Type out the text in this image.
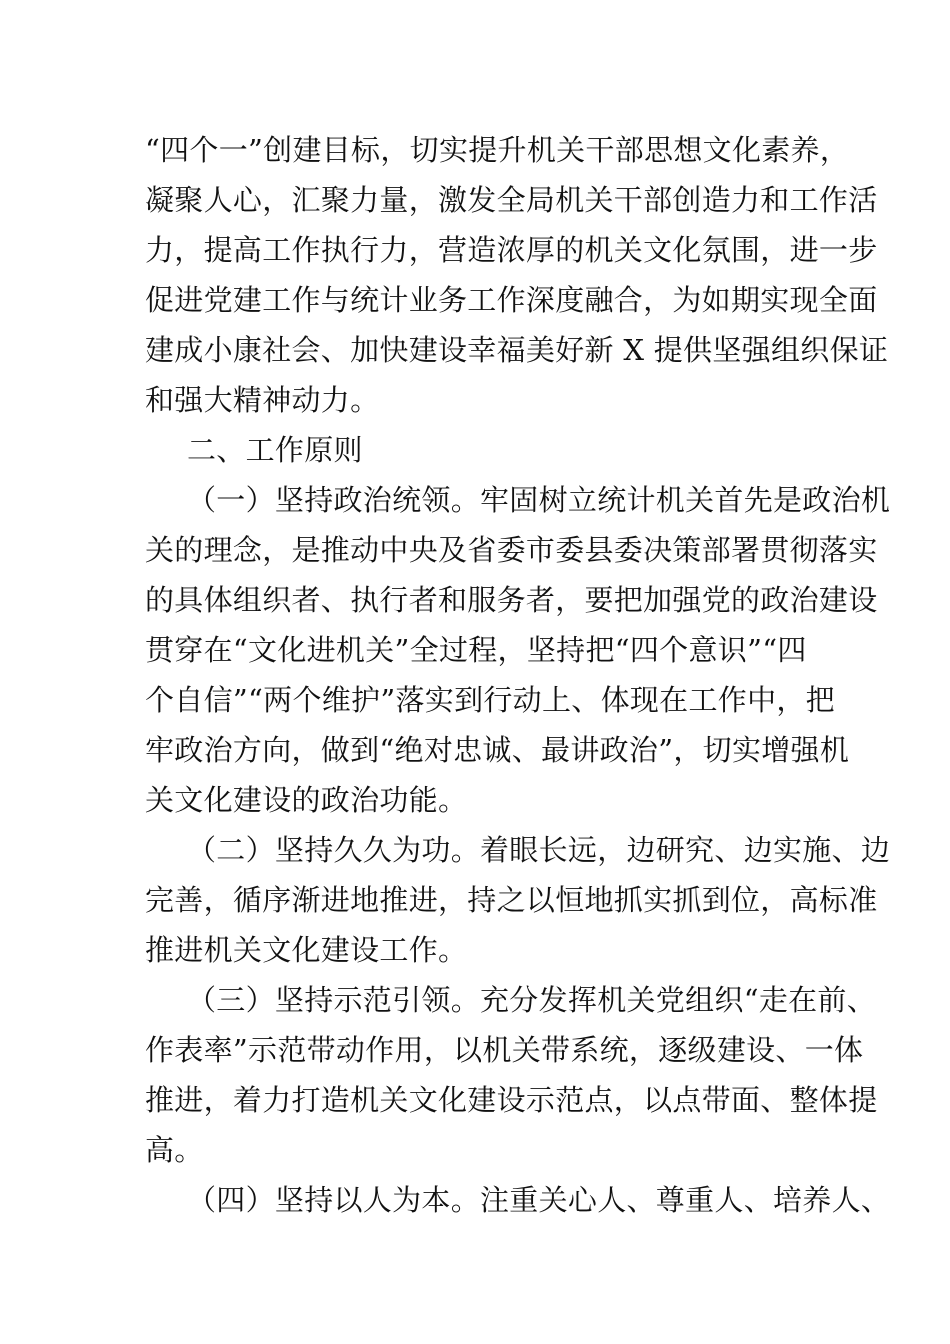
“四个一”创建目标，切实提升机关干部思想文化素养，
凝聚人心，汇聚力量，激发全局机关干部创造力和工作活
力，提高工作执行力，营造浓厚的机关文化氛围，进一步
促进党建工作与统计业务工作深度融合，为如期实现全面
建成小康社会、加快建设幸福美好新 X 提供坚强组织保证
和强大精神动力。
二、工作原则
（一）坚持政治统领。牢固树立统计机关首先是政治机
关的理念，是推动中央及省委市委县委决策部署贯彻落实
的具体组织者、执行者和服务者，要把加强党的政治建设
贯穿在“文化进机关”全过程，坚持把“四个意识”“四
个自信”“两个维护”落实到行动上、体现在工作中，把
牢政治方向，做到“绝对忠诚、最讲政治”，切实增强机
关文化建设的政治功能。
（二）坚持久久为功。着眼长远，边研究、边实施、边
完善，循序渐进地推进，持之以恒地抓实抓到位，高标准
推进机关文化建设工作。
（三）坚持示范引领。充分发挥机关党组织“走在前、
作表率”示范带动作用，以机关带系统，逐级建设、一体
推进，着力打造机关文化建设示范点，以点带面、整体提
高。
（四）坚持以人为本。注重关心人、尊重人、培养人、
